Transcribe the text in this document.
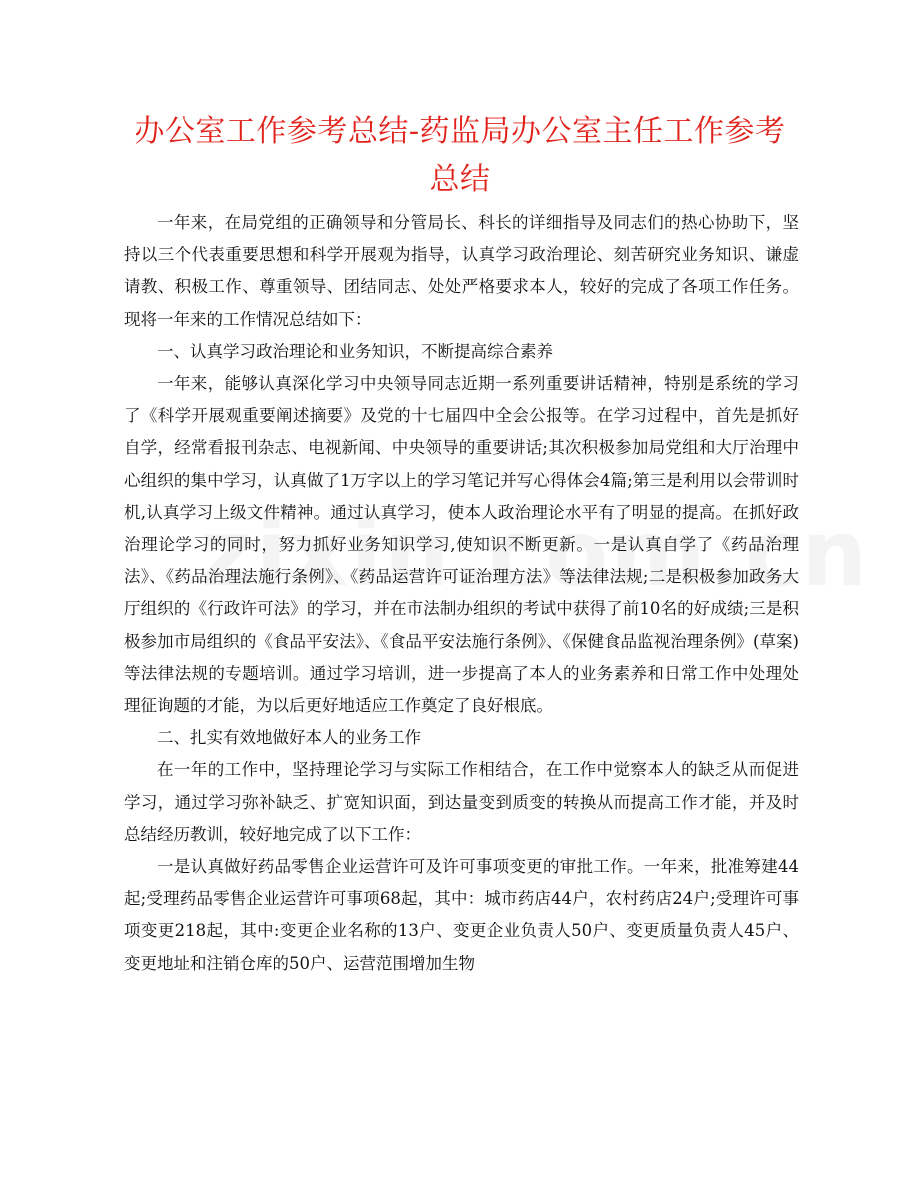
办公室工作参考总结-药监局办公室主任工作参考总结

一年来，在局党组的正确领导和分管局长、科长的详细指导及同志们的热心协助下，坚持以三个代表重要思想和科学开展观为指导，认真学习政治理论、刻苦研究业务知识、谦虚请教、积极工作、尊重领导、团结同志、处处严格要求本人，较好的完成了各项工作任务。现将一年来的工作情况总结如下：

一、认真学习政治理论和业务知识，不断提高综合素养

一年来，能够认真深化学习中央领导同志近期一系列重要讲话精神，特别是系统的学习了《科学开展观重要阐述摘要》及党的十七届四中全会公报等。在学习过程中，首先是抓好自学，经常看报刊杂志、电视新闻、中央领导的重要讲话;其次积极参加局党组和大厅治理中心组织的集中学习，认真做了1万字以上的学习笔记并写心得体会4篇;第三是利用以会带训时机,认真学习上级文件精神。通过认真学习，使本人政治理论水平有了明显的提高。在抓好政治理论学习的同时，努力抓好业务知识学习,使知识不断更新。一是认真自学了《药品治理法》、《药品治理法施行条例》、《药品运营许可证治理方法》等法律法规;二是积极参加政务大厅组织的《行政许可法》的学习，并在市法制办组织的考试中获得了前10名的好成绩;三是积极参加市局组织的《食品平安法》、《食品平安法施行条例》、《保健食品监视治理条例》(草案)等法律法规的专题培训。通过学习培训，进一步提高了本人的业务素养和日常工作中处理处理征询题的才能，为以后更好地适应工作奠定了良好根底。

二、扎实有效地做好本人的业务工作

在一年的工作中，坚持理论学习与实际工作相结合，在工作中觉察本人的缺乏从而促进学习，通过学习弥补缺乏、扩宽知识面，到达量变到质变的转换从而提高工作才能，并及时总结经历教训，较好地完成了以下工作：

一是认真做好药品零售企业运营许可及许可事项变更的审批工作。一年来，批准筹建44起;受理药品零售企业运营许可事项68起，其中：城市药店44户，农村药店24户;受理许可事项变更218起，其中:变更企业名称的13户、变更企业负责人50户、变更质量负责人45户、变更地址和注销仓库的50户、运营范围增加生物
